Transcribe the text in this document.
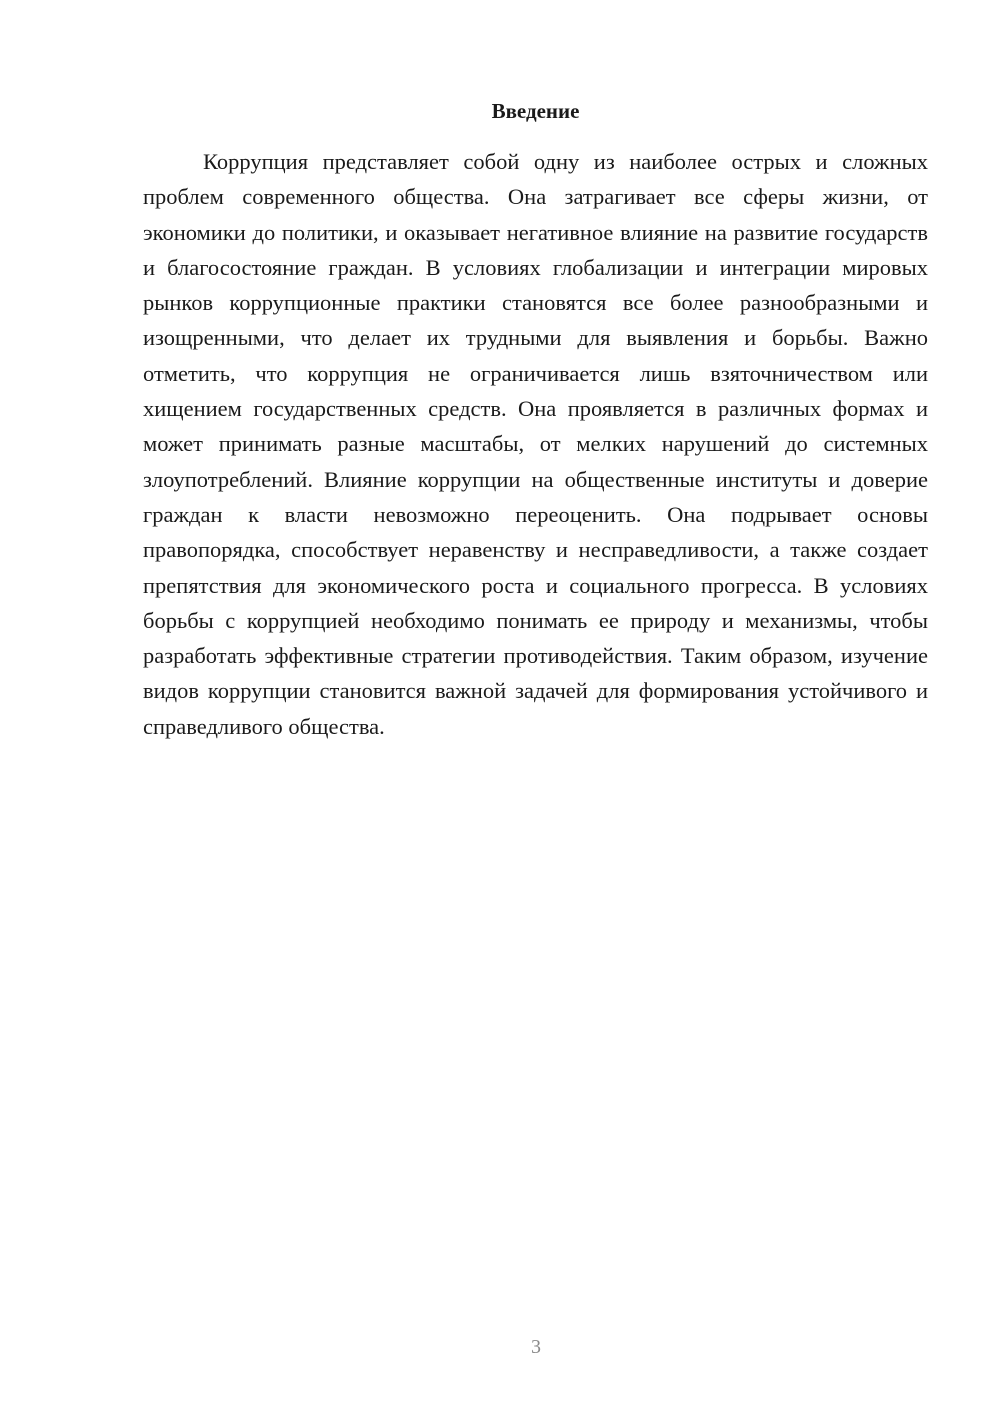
Введение

Коррупция представляет собой одну из наиболее острых и сложных проблем современного общества. Она затрагивает все сферы жизни, от экономики до политики, и оказывает негативное влияние на развитие государств и благосостояние граждан. В условиях глобализации и интеграции мировых рынков коррупционные практики становятся все более разнообразными и изощренными, что делает их трудными для выявления и борьбы. Важно отметить, что коррупция не ограничивается лишь взяточничеством или хищением государственных средств. Она проявляется в различных формах и может принимать разные масштабы, от мелких нарушений до системных злоупотреблений. Влияние коррупции на общественные институты и доверие граждан к власти невозможно переоценить. Она подрывает основы правопорядка, способствует неравенству и несправедливости, а также создает препятствия для экономического роста и социального прогресса. В условиях борьбы с коррупцией необходимо понимать ее природу и механизмы, чтобы разработать эффективные стратегии противодействия. Таким образом, изучение видов коррупции становится важной задачей для формирования устойчивого и справедливого общества.

3
